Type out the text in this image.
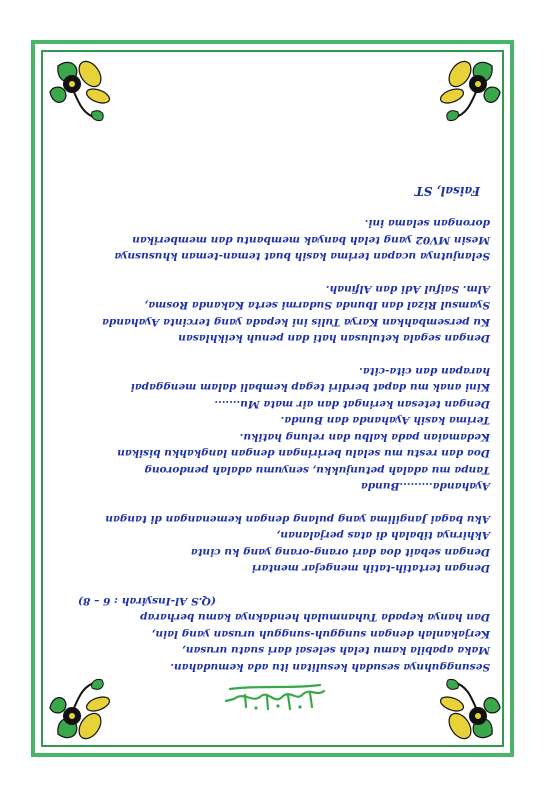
Sesungguhnya sesudah kesulitan itu ada kemudahan.

Maka apabila kamu telah selesai dari suatu urusan,

Kerjakanlah dengan sungguh-sungguh urusan yang lain,

Dan hanya kepada Tuhanmulah hendaknya kamu berharap

(Q.S Al-Insyirah : 6 – 8)

Dengan tertatih-tatih mengejar mentari

Dengan sebait doa dari orang-orang yang ku cinta

Akhirnya tibalah di atas perjalanan,

Aku bagai Jangilima yang pulang dengan kemenangan di tangan

Ayahanda.........Bunda

Tanpa mu adalah petunjukku, senyumu adalah pendorong

Doa dan restu mu selalu beriringan dengan langkahku bisikan

Kedamaian pada kalbu dan relung hatiku.

Terima kasih Ayahanda dan Bunda.

Dengan tetesan keringat dan air mata Mu.......

Kini anak mu dapat berdiri tegap kembali dalam menggapai

harapan dan cita-cita.

Dengan segala ketulusan hati dan penuh keikhlasan

Ku persembahkan Karya Tulis ini kepada yang tercinta Ayahanda

Syamsul Rizal dan Ibunda Sudarmi serta Kakanda Rosma,

Alm. Saiful Adi dan Alfinah.

Selanjutnya ucapan terima kasih buat teman-teman khususnya

Mesin MV02 yang telah banyak membantu dan memberikan

dorongan selama ini.

Faisal, ST
